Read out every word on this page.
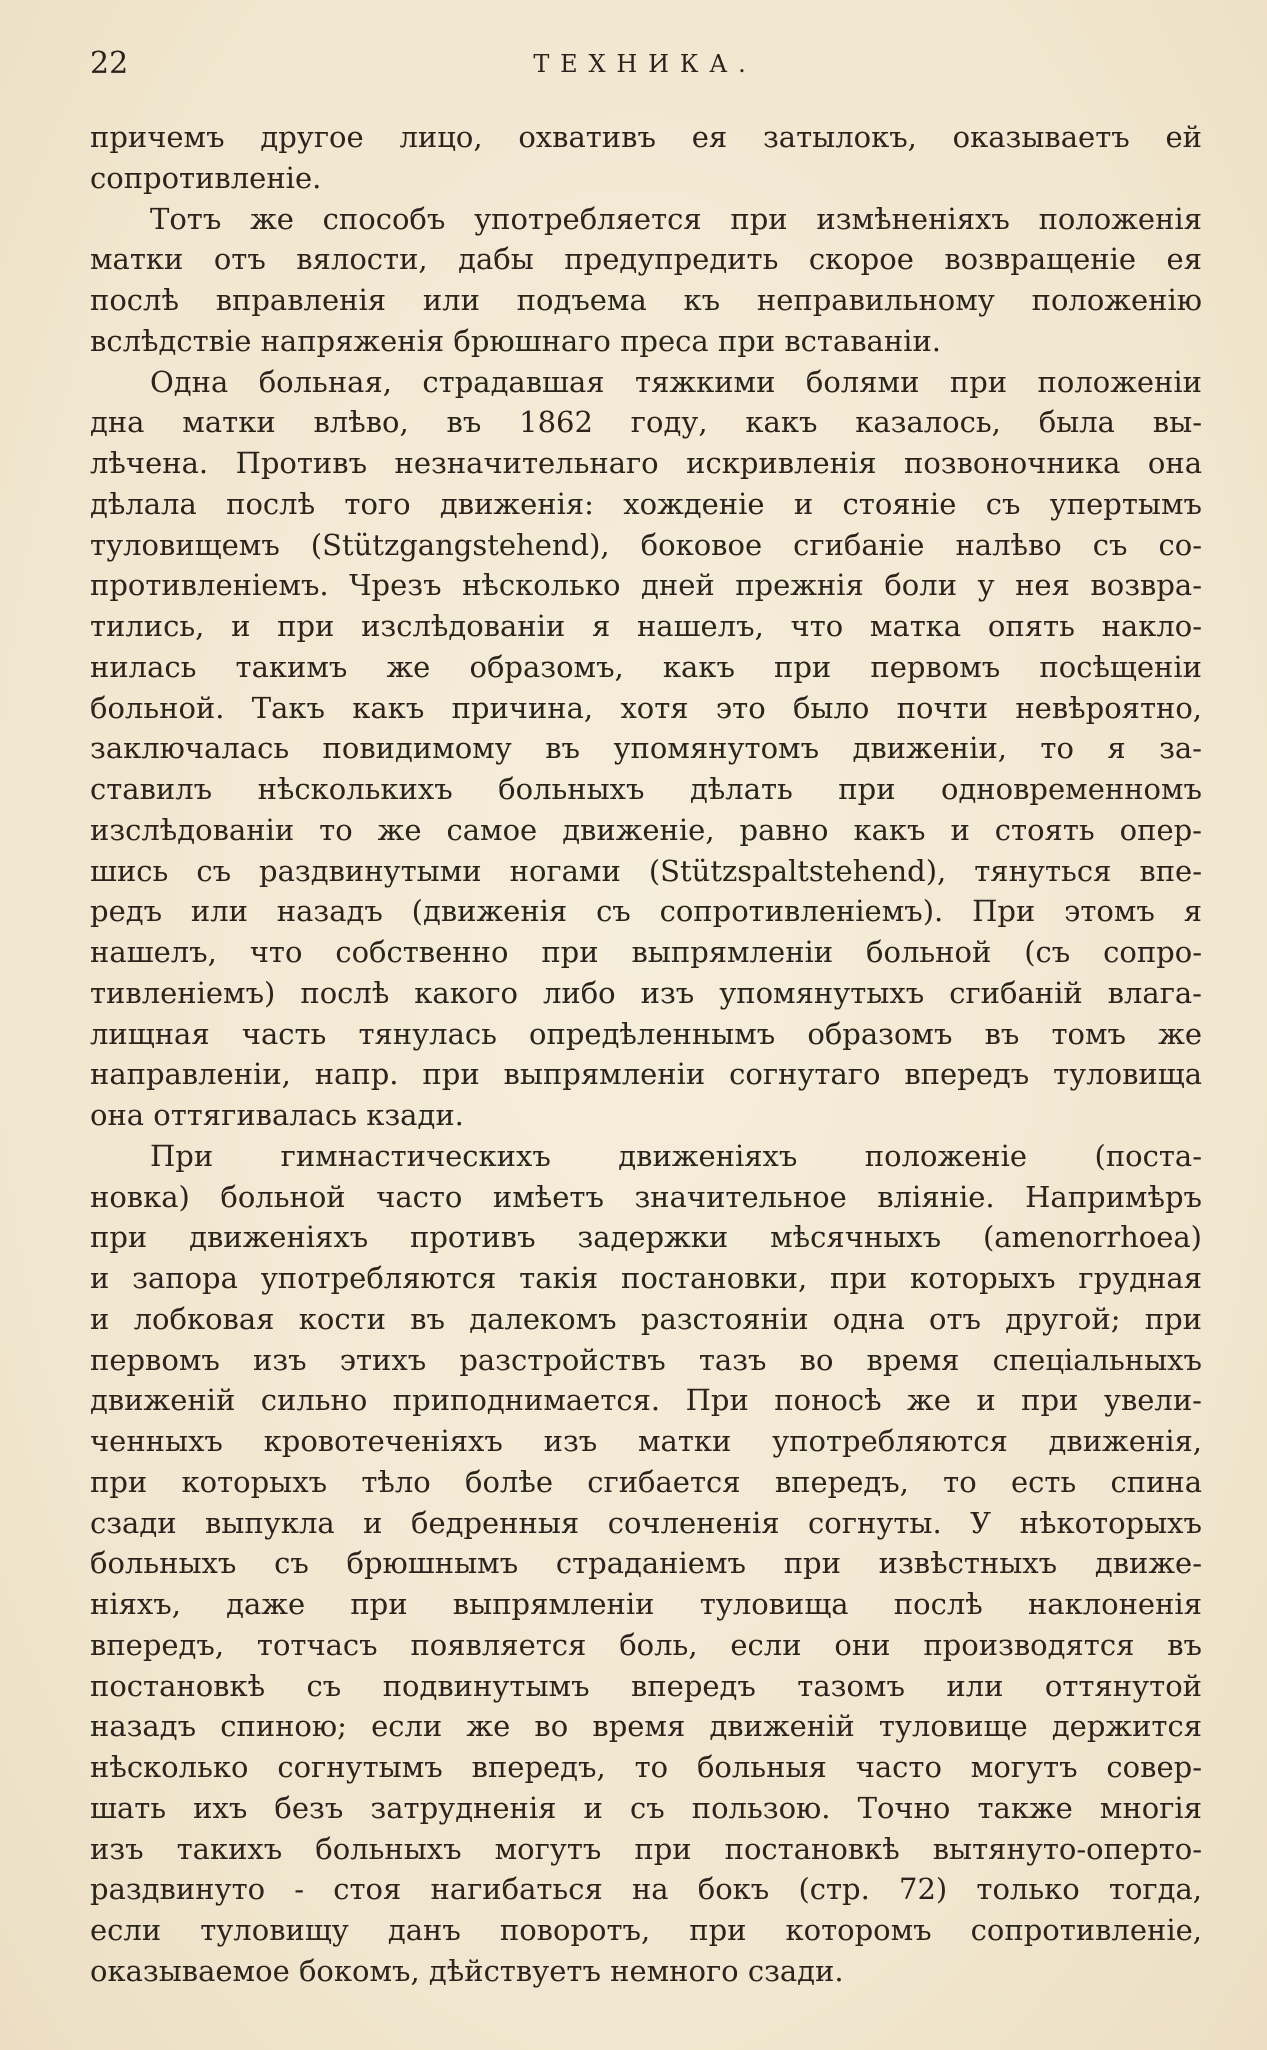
22	ТЕХНИКА.
причемъ другое лицо, охвативъ ея затылокъ, оказываетъ ей
сопротивленіе.
Тотъ же способъ употребляется при измѣненіяхъ положенія
матки отъ вялости, дабы предупредить скорое возвращеніе ея
послѣ вправленія или подъема къ неправильному положенію
вслѣдствіе напряженія брюшнаго преса при вставаніи.
Одна больная, страдавшая тяжкими болями при положеніи
дна матки влѣво, въ 1862 году, какъ казалось, была вы-
лѣчена. Противъ незначительнаго искривленія позвоночника она
дѣлала послѣ того движенія: хожденіе и стояніе съ упертымъ
туловищемъ (Stützgangstehend), боковое сгибаніе налѣво съ со-
противленіемъ. Чрезъ нѣсколько дней прежнія боли у нея возвра-
тились, и при изслѣдованіи я нашелъ, что матка опять накло-
нилась такимъ же образомъ, какъ при первомъ посѣщеніи
больной. Такъ какъ причина, хотя это было почти невѣроятно,
заключалась повидимому въ упомянутомъ движеніи, то я за-
ставилъ нѣсколькихъ больныхъ дѣлать при одновременномъ
изслѣдованіи то же самое движеніе, равно какъ и стоять опер-
шись съ раздвинутыми ногами (Stützspaltstehend), тянуться впе-
редъ или назадъ (движенія съ сопротивленіемъ). При этомъ я
нашелъ, что собственно при выпрямленіи больной (съ сопро-
тивленіемъ) послѣ какого либо изъ упомянутыхъ сгибаній влага-
лищная часть тянулась опредѣленнымъ образомъ въ томъ же
направленіи, напр. при выпрямленіи согнутаго впередъ туловища
она оттягивалась кзади.
При гимнастическихъ движеніяхъ положеніе (поста-
новка) больной часто имѣетъ значительное вліяніе. Напримѣръ
при движеніяхъ противъ задержки мѣсячныхъ (amenorrhoea)
и запора употребляются такія постановки, при которыхъ грудная
и лобковая кости въ далекомъ разстояніи одна отъ другой; при
первомъ изъ этихъ разстройствъ тазъ во время спеціальныхъ
движеній сильно приподнимается. При поносѣ же и при увели-
ченныхъ кровотеченіяхъ изъ матки употребляются движенія,
при которыхъ тѣло болѣе сгибается впередъ, то есть спина
сзади выпукла и бедренныя сочлененія согнуты. У нѣкоторыхъ
больныхъ съ брюшнымъ страданіемъ при извѣстныхъ движе-
ніяхъ, даже при выпрямленіи туловища послѣ наклоненія
впередъ, тотчасъ появляется боль, если они производятся въ
постановкѣ съ подвинутымъ впередъ тазомъ или оттянутой
назадъ спиною; если же во время движеній туловище держится
нѣсколько согнутымъ впередъ, то больныя часто могутъ совер-
шать ихъ безъ затрудненія и съ пользою. Точно также многія
изъ такихъ больныхъ могутъ при постановкѣ вытянуто-оперто-
раздвинуто - стоя нагибаться на бокъ (стр. 72) только тогда,
если туловищу данъ поворотъ, при которомъ сопротивленіе,
оказываемое бокомъ, дѣйствуетъ немного сзади.
